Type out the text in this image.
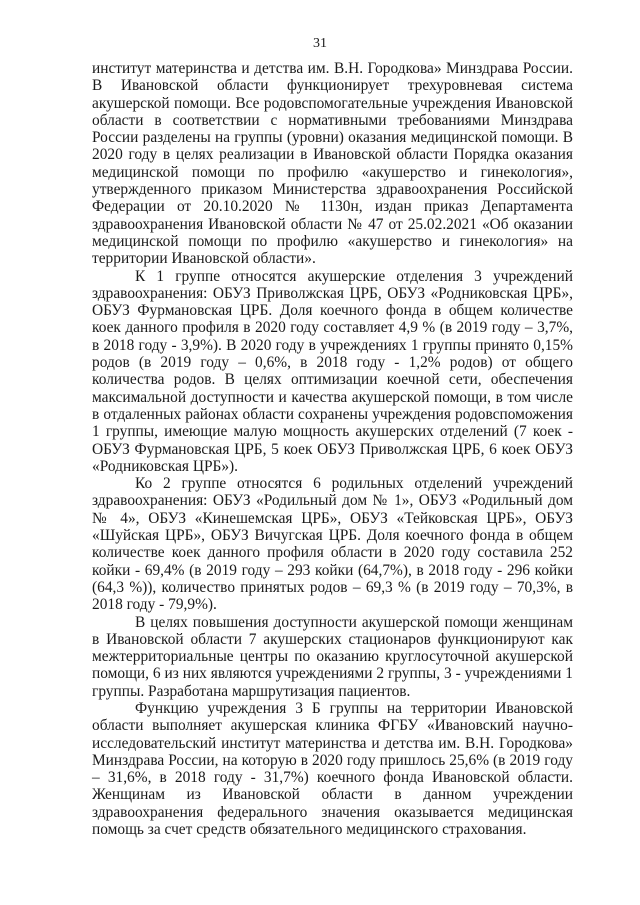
31

институт материнства и детства им. В.Н. Городкова» Минздрава России. В Ивановской области функционирует трехуровневая система акушерской помощи. Все родовспомогательные учреждения Ивановской области в соответствии с нормативными требованиями Минздрава России разделены на группы (уровни) оказания медицинской помощи. В 2020 году в целях реализации в Ивановской области Порядка оказания медицинской помощи по профилю «акушерство и гинекология», утвержденного приказом Министерства здравоохранения Российской Федерации от 20.10.2020 № 1130н, издан приказ Департамента здравоохранения Ивановской области № 47 от 25.02.2021 «Об оказании медицинской помощи по профилю «акушерство и гинекология» на территории Ивановской области».

К 1 группе относятся акушерские отделения 3 учреждений здравоохранения: ОБУЗ Приволжская ЦРБ, ОБУЗ «Родниковская ЦРБ», ОБУЗ Фурмановская ЦРБ. Доля коечного фонда в общем количестве коек данного профиля в 2020 году составляет 4,9 % (в 2019 году – 3,7%, в 2018 году - 3,9%). В 2020 году в учреждениях 1 группы принято 0,15% родов (в 2019 году – 0,6%, в 2018 году - 1,2% родов) от общего количества родов. В целях оптимизации коечной сети, обеспечения максимальной доступности и качества акушерской помощи, в том числе в отдаленных районах области сохранены учреждения родовспоможения 1 группы, имеющие малую мощность акушерских отделений (7 коек - ОБУЗ Фурмановская ЦРБ, 5 коек ОБУЗ Приволжская ЦРБ, 6 коек ОБУЗ «Родниковская ЦРБ»).

Ко 2 группе относятся 6 родильных отделений учреждений здравоохранения: ОБУЗ «Родильный дом № 1», ОБУЗ «Родильный дом № 4», ОБУЗ «Кинешемская ЦРБ», ОБУЗ «Тейковская ЦРБ», ОБУЗ «Шуйская ЦРБ», ОБУЗ Вичугская ЦРБ. Доля коечного фонда в общем количестве коек данного профиля области в 2020 году составила 252 койки - 69,4% (в 2019 году – 293 койки (64,7%), в 2018 году - 296 койки (64,3 %)), количество принятых родов – 69,3 % (в 2019 году – 70,3%, в 2018 году - 79,9%).

В целях повышения доступности акушерской помощи женщинам в Ивановской области 7 акушерских стационаров функционируют как межтерриториальные центры по оказанию круглосуточной акушерской помощи, 6 из них являются учреждениями 2 группы, 3 - учреждениями 1 группы. Разработана маршрутизация пациентов.

Функцию учреждения 3 Б группы на территории Ивановской области выполняет акушерская клиника ФГБУ «Ивановский научно-исследовательский институт материнства и детства им. В.Н. Городкова» Минздрава России, на которую в 2020 году пришлось 25,6% (в 2019 году – 31,6%, в 2018 году - 31,7%) коечного фонда Ивановской области. Женщинам из Ивановской области в данном учреждении здравоохранения федерального значения оказывается медицинская помощь за счет средств обязательного медицинского страхования.
